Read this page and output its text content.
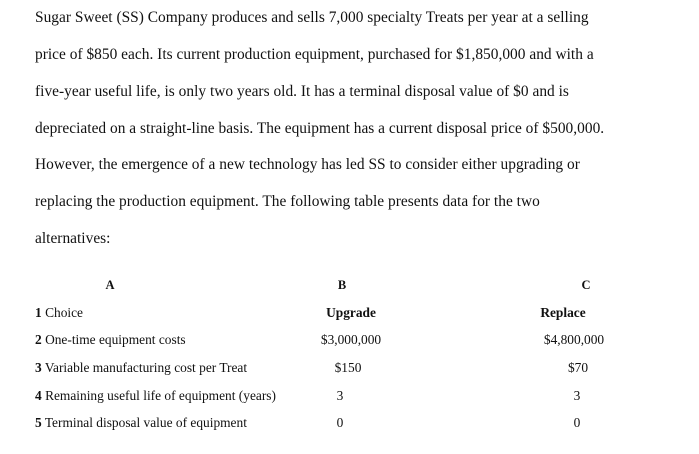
Sugar Sweet (SS) Company produces and sells 7,000 specialty Treats per year at a selling
price of $850 each. Its current production equipment, purchased for $1,850,000 and with a
five-year useful life, is only two years old. It has a terminal disposal value of $0 and is
depreciated on a straight-line basis. The equipment has a current disposal price of $500,000.
However, the emergence of a new technology has led SS to consider either upgrading or
replacing the production equipment. The following table presents data for the two
alternatives:
A	B	C
1 Choice	Upgrade	Replace
2 One-time equipment costs	$3,000,000	$4,800,000
3 Variable manufacturing cost per Treat	$150	$70
4 Remaining useful life of equipment (years)	3	3
5 Terminal disposal value of equipment	0	0
